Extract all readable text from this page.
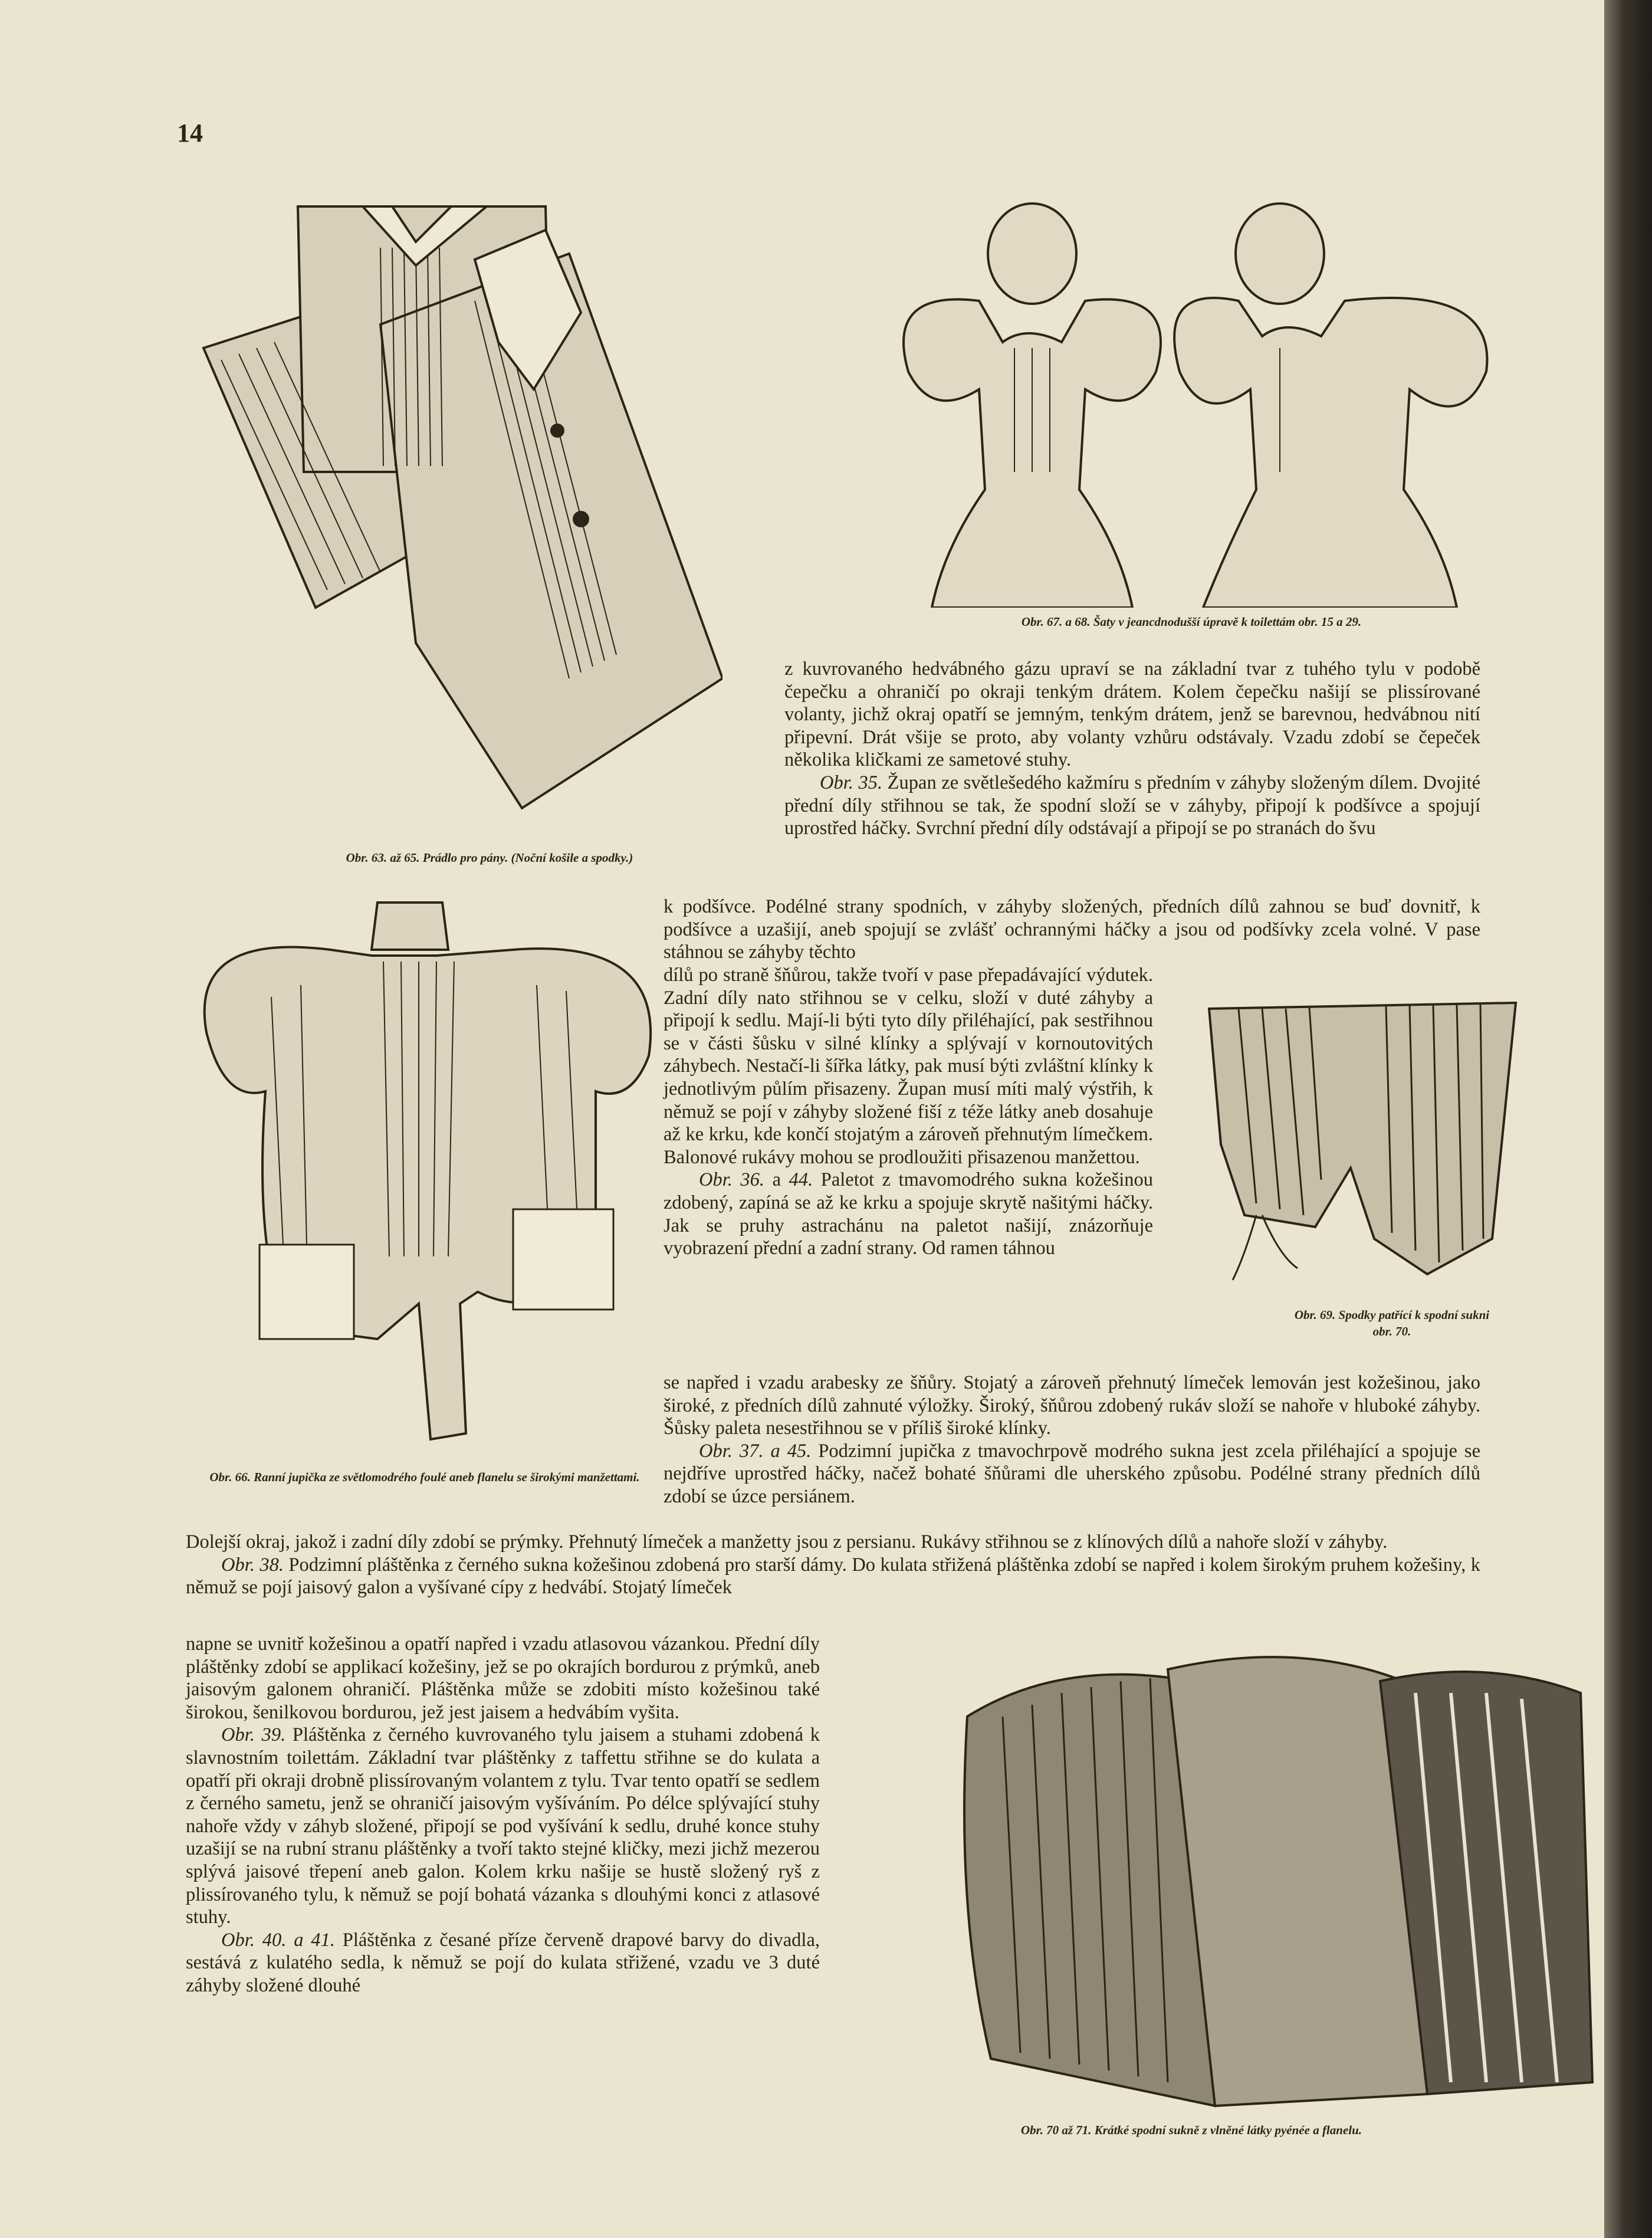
14
Obr. 63. až 65. Prádlo pro pány. (Noční košile a spodky.)
Obr. 67. a 68. Šaty v jeancdnodušší úpravě k toilettám obr. 15 a 29.
Obr. 66. Ranní jupička ze světlomodrého foulé aneb flanelu se širokými manžettami.
Obr. 69. Spodky patřící k spodní sukni obr. 70.
Obr. 70 až 71. Krátké spodní sukně z vlněné látky pyénée a flanelu.

z kuvrovaného hedvábného gázu upraví se na základní tvar z tuhého tylu v podobě čepečku a ohraničí po okraji tenkým drátem. Kolem čepečku našijí se plissírované volanty, jichž okraj opatří se jemným, tenkým drátem, jenž se barevnou, hedvábnou nití připevní. Drát všije se proto, aby volanty vzhůru odstávaly. Vzadu zdobí se čepeček několika kličkami ze sametové stuhy.

Obr. 35. Župan ze světlešedého kažmíru s předním v záhyby složeným dílem. Dvojité přední díly střihnou se tak, že spodní složí se v záhyby, připojí k podšívce a spojují uprostřed háčky. Svrchní přední díly odstávají a připojí se po stranách do švu

k podšívce. Podélné strany spodních, v záhyby složených, předních dílů zahnou se buď dovnitř, k podšívce a uzašijí, aneb spojují se zvlášť ochrannými háčky a jsou od podšívky zcela volné. V pase stáhnou se záhyby těchto

dílů po straně šňůrou, takže tvoří v pase přepadávající výdutek. Zadní díly nato střihnou se v celku, složí v duté záhyby a připojí k sedlu. Mají-li býti tyto díly přiléhající, pak sestřihnou se v části šůsku v silné klínky a splývají v kornoutovitých záhybech. Nestačí-li šířka látky, pak musí býti zvláštní klínky k jednotlivým půlím přisazeny. Župan musí míti malý výstřih, k němuž se pojí v záhyby složené fiší z téže látky aneb dosahuje až ke krku, kde končí stojatým a zároveň přehnutým límečkem. Balonové rukávy mohou se prodloužiti přisazenou manžettou.

Obr. 36. a 44. Paletot z tmavomodrého sukna kožešinou zdobený, zapíná se až ke krku a spojuje skrytě našitými háčky. Jak se pruhy astrachánu na paletot našijí, znázorňuje vyobrazení přední a zadní strany. Od ramen táhnou

se napřed i vzadu arabesky ze šňůry. Stojatý a zároveň přehnutý límeček lemován jest kožešinou, jako široké, z předních dílů zahnuté výložky. Široký, šňůrou zdobený rukáv složí se nahoře v hluboké záhyby. Šůsky paleta nesestřihnou se v příliš široké klínky.

Obr. 37. a 45. Podzimní jupička z tmavochrpově modrého sukna jest zcela přiléhající a spojuje se nejdříve uprostřed háčky, načež bohaté šňůrami dle uherského způsobu. Podélné strany předních dílů zdobí se úzce persiánem.

Dolejší okraj, jakož i zadní díly zdobí se prýmky. Přehnutý límeček a manžetty jsou z persianu. Rukávy střihnou se z klínových dílů a nahoře složí v záhyby.

Obr. 38. Podzimní pláštěnka z černého sukna kožešinou zdobená pro starší dámy. Do kulata střižená pláštěnka zdobí se napřed i kolem širokým pruhem kožešiny, k němuž se pojí jaisový galon a vyšívané cípy z hedvábí. Stojatý límeček

napne se uvnitř kožešinou a opatří napřed i vzadu atlasovou vázankou. Přední díly pláštěnky zdobí se applikací kožešiny, jež se po okrajích bordurou z prýmků, aneb jaisovým galonem ohraničí. Pláštěnka může se zdobiti místo kožešinou také širokou, šenilkovou bordurou, jež jest jaisem a hedvábím vyšita.

Obr. 39. Pláštěnka z černého kuvrovaného tylu jaisem a stuhami zdobená k slavnostním toilettám. Základní tvar pláštěnky z taffettu střihne se do kulata a opatří při okraji drobně plissírovaným volantem z tylu. Tvar tento opatří se sedlem z černého sametu, jenž se ohraničí jaisovým vyšíváním. Po délce splývající stuhy nahoře vždy v záhyb složené, připojí se pod vyšívání k sedlu, druhé konce stuhy uzašijí se na rubní stranu pláštěnky a tvoří takto stejné kličky, mezi jichž mezerou splývá jaisové třepení aneb galon. Kolem krku našije se hustě složený ryš z plissírovaného tylu, k němuž se pojí bohatá vázanka s dlouhými konci z atlasové stuhy.

Obr. 40. a 41. Pláštěnka z česané příze červeně drapové barvy do divadla, sestává z kulatého sedla, k němuž se pojí do kulata střižené, vzadu ve 3 duté záhyby složené dlouhé
